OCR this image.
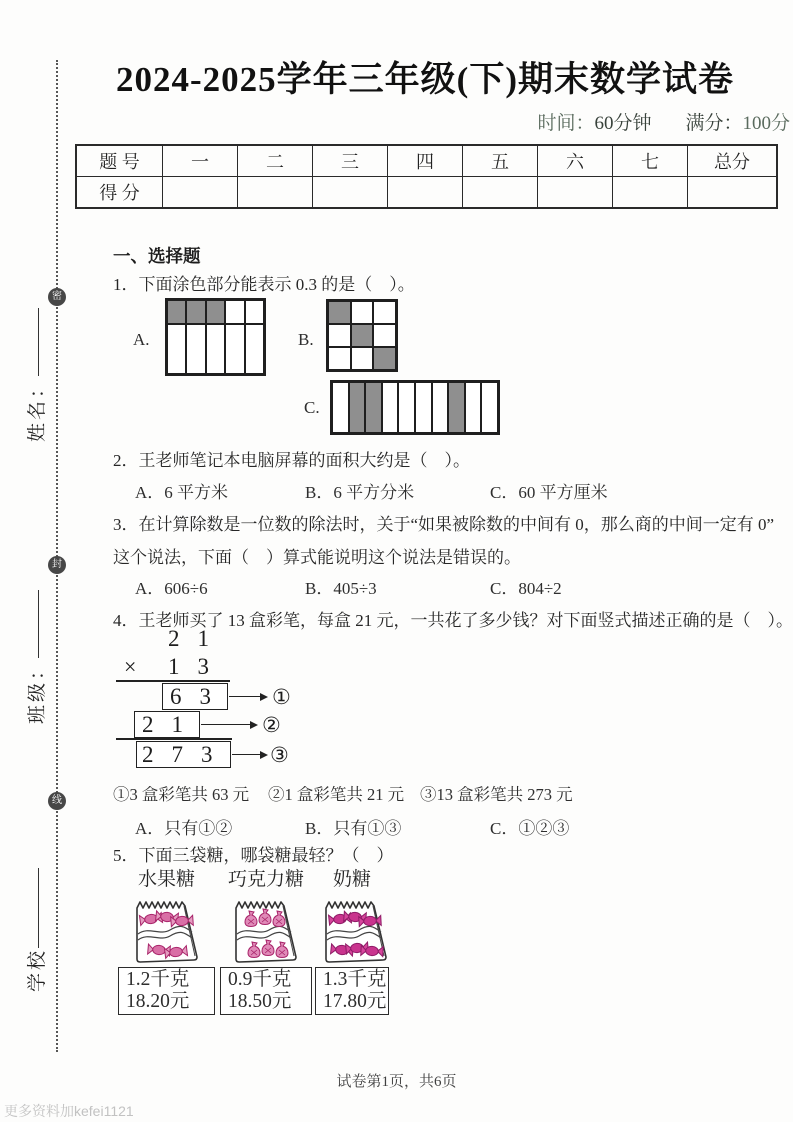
密
封
线
姓名：
班级：
学校
2024-2025学年三年级(下)期末数学试卷
时间：60分钟 满分：100分
题 号	一	二	三	四	五	六	七	总分
得 分								
一、选择题
1．下面涂色部分能表示 0.3 的是（　）。
A.	B.
C.
2．王老师笔记本电脑屏幕的面积大约是（　）。
A．6 平方米	B．6 平方分米	C．60 平方厘米
3．在计算除数是一位数的除法时，关于“如果被除数的中间有 0，那么商的中间一定有 0”
这个说法，下面（　）算式能说明这个说法是错误的。
A．606÷6	B．405÷3	C．804÷2
4．王老师买了 13 盒彩笔，每盒 21 元，一共花了多少钱？对下面竖式描述正确的是（　）。
21
× 13
63 ①
21	②
273 ③
①3 盒彩笔共 63 元 ②1 盒彩笔共 21 元 ③13 盒彩笔共 273 元
A．只有①②	B．只有①③	C．①②③
5．下面三袋糖，哪袋糖最轻？（　）
水果糖
1.2千克
18.20元
巧克力糖
0.9千克
18.50元
奶糖
1.3千克
17.80元
试卷第1页，共6页
更多资料加kefei1121
